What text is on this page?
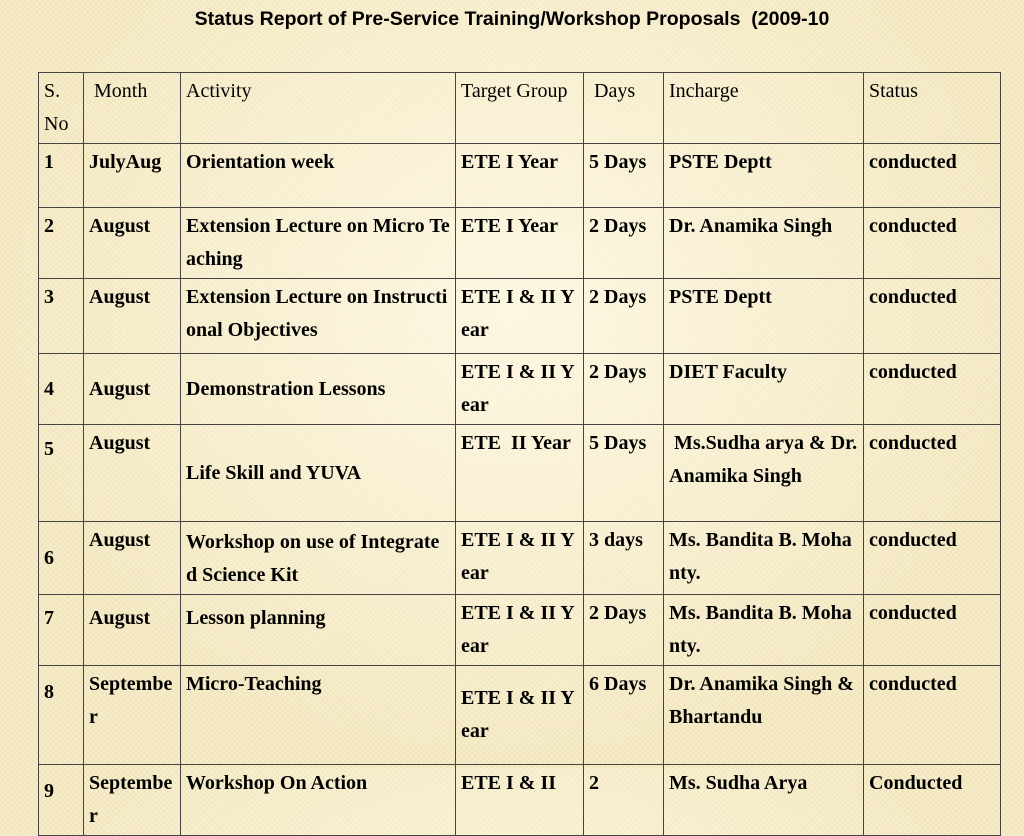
Status Report of Pre-Service Training/Workshop Proposals  (2009-10
S. No	Month	Activity	Target Group	Days	Incharge	Status
1	JulyAug	Orientation week	ETE I Year	5 Days	PSTE Deptt	conducted
2	August	Extension Lecture on Micro Teaching	ETE I Year	2 Days	Dr. Anamika Singh	conducted
3	August	Extension Lecture on Instructional Objectives	ETE I & II Year	2 Days	PSTE Deptt	conducted
4	August	Demonstration Lessons	ETE I & II Year	2 Days	DIET Faculty	conducted
5	August	Life Skill and YUVA	ETE  II Year	5 Days	Ms.Sudha arya & Dr. Anamika Singh	conducted
6	August	Workshop on use of Integrated Science Kit	ETE I & II Year	3 days	Ms. Bandita B. Mohanty.	conducted
7	August	Lesson planning	ETE I & II Year	2 Days	Ms. Bandita B. Mohanty.	conducted
8	September	Micro-Teaching	ETE I & II Year	6 Days	Dr. Anamika Singh & Bhartandu	conducted
9	September	Workshop On Action	ETE I & II	2	Ms. Sudha Arya	Conducted
